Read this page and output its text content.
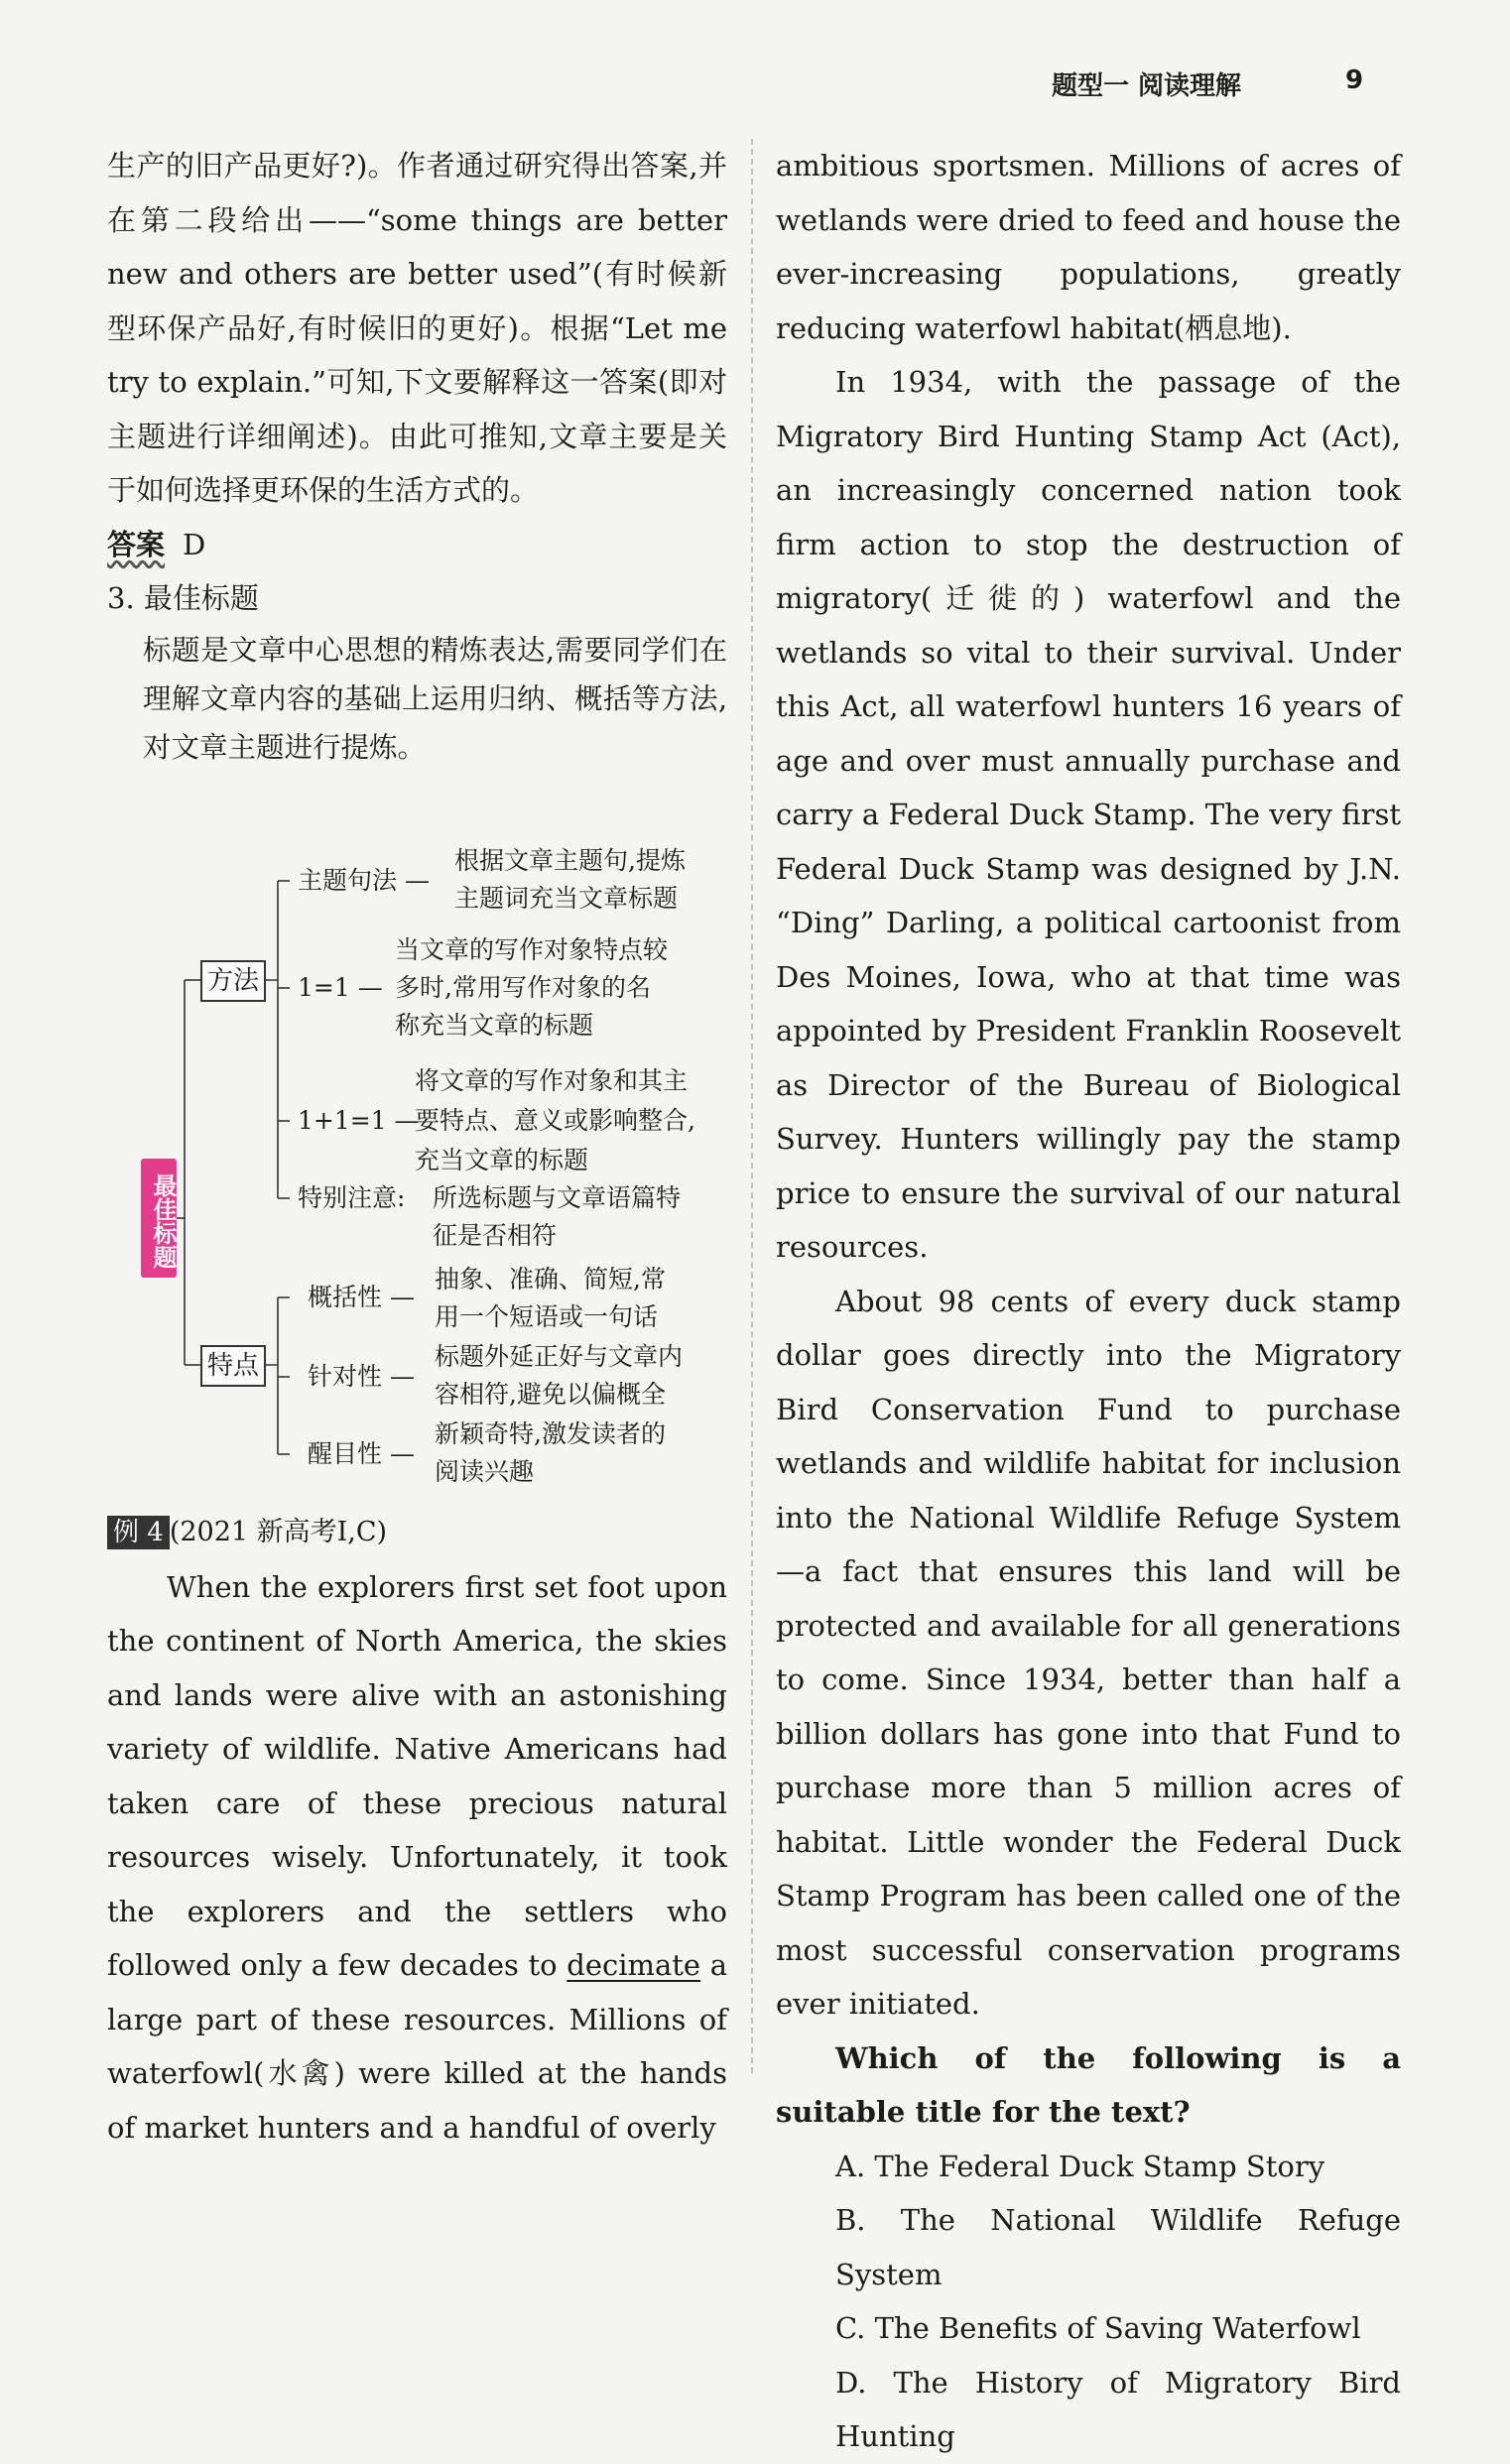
题型一 阅读理解	9

生产的旧产品更好?)。作者通过研究得出答案,并在第二段给出——“some things are better new and others are better used”(有时候新型环保产品好,有时候旧的更好)。根据“Let me try to explain.”可知,下文要解释这一答案(即对主题进行详细阐述)。由此可推知,文章主要是关于如何选择更环保的生活方式的。

答案 D

3. 最佳标题

标题是文章中心思想的精炼表达,需要同学们在理解文章内容的基础上运用归纳、概括等方法,对文章主题进行提炼。

最佳标题
方法
特点
主题句法 —
根据文章主题句,提炼
主题词充当文章标题
当文章的写作对象特点较
1=1 — 多时,常用写作对象的名
称充当文章的标题
将文章的写作对象和其主
1+1=1 —
要特点、意义或影响整合,
充当文章的标题
特别注意: 所选标题与文章语篇特
征是否相符
概括性 —
抽象、准确、简短,常
用一个短语或一句话
针对性 —
标题外延正好与文章内
容相符,避免以偏概全
醒目性 —
新颖奇特,激发读者的
阅读兴趣

例 4 (2021 新高考Ⅰ,C)

When the explorers first set foot upon the continent of North America, the skies and lands were alive with an astonishing variety of wildlife. Native Americans had taken care of these precious natural resources wisely. Unfortunately, it took the explorers and the settlers who followed only a few decades to decimate a large part of these resources. Millions of waterfowl(水禽) were killed at the hands of market hunters and a handful of overly

ambitious sportsmen. Millions of acres of wetlands were dried to feed and house the ever-increasing populations, greatly reducing waterfowl habitat(栖息地).

In 1934, with the passage of the Migratory Bird Hunting Stamp Act (Act), an increasingly concerned nation took firm action to stop the destruction of migratory(迁徙的) waterfowl and the wetlands so vital to their survival. Under this Act, all waterfowl hunters 16 years of age and over must annually purchase and carry a Federal Duck Stamp. The very first Federal Duck Stamp was designed by J.N. “Ding” Darling, a political cartoonist from Des Moines, Iowa, who at that time was appointed by President Franklin Roosevelt as Director of the Bureau of Biological Survey. Hunters willingly pay the stamp price to ensure the survival of our natural resources.

About 98 cents of every duck stamp dollar goes directly into the Migratory Bird Conservation Fund to purchase wetlands and wildlife habitat for inclusion into the National Wildlife Refuge System—a fact that ensures this land will be protected and available for all generations to come. Since 1934, better than half a billion dollars has gone into that Fund to purchase more than 5 million acres of habitat. Little wonder the Federal Duck Stamp Program has been called one of the most successful conservation programs ever initiated.

Which of the following is a suitable title for the text?

A. The Federal Duck Stamp Story

B. The National Wildlife Refuge System

C. The Benefits of Saving Waterfowl

D. The History of Migratory Bird Hunting
